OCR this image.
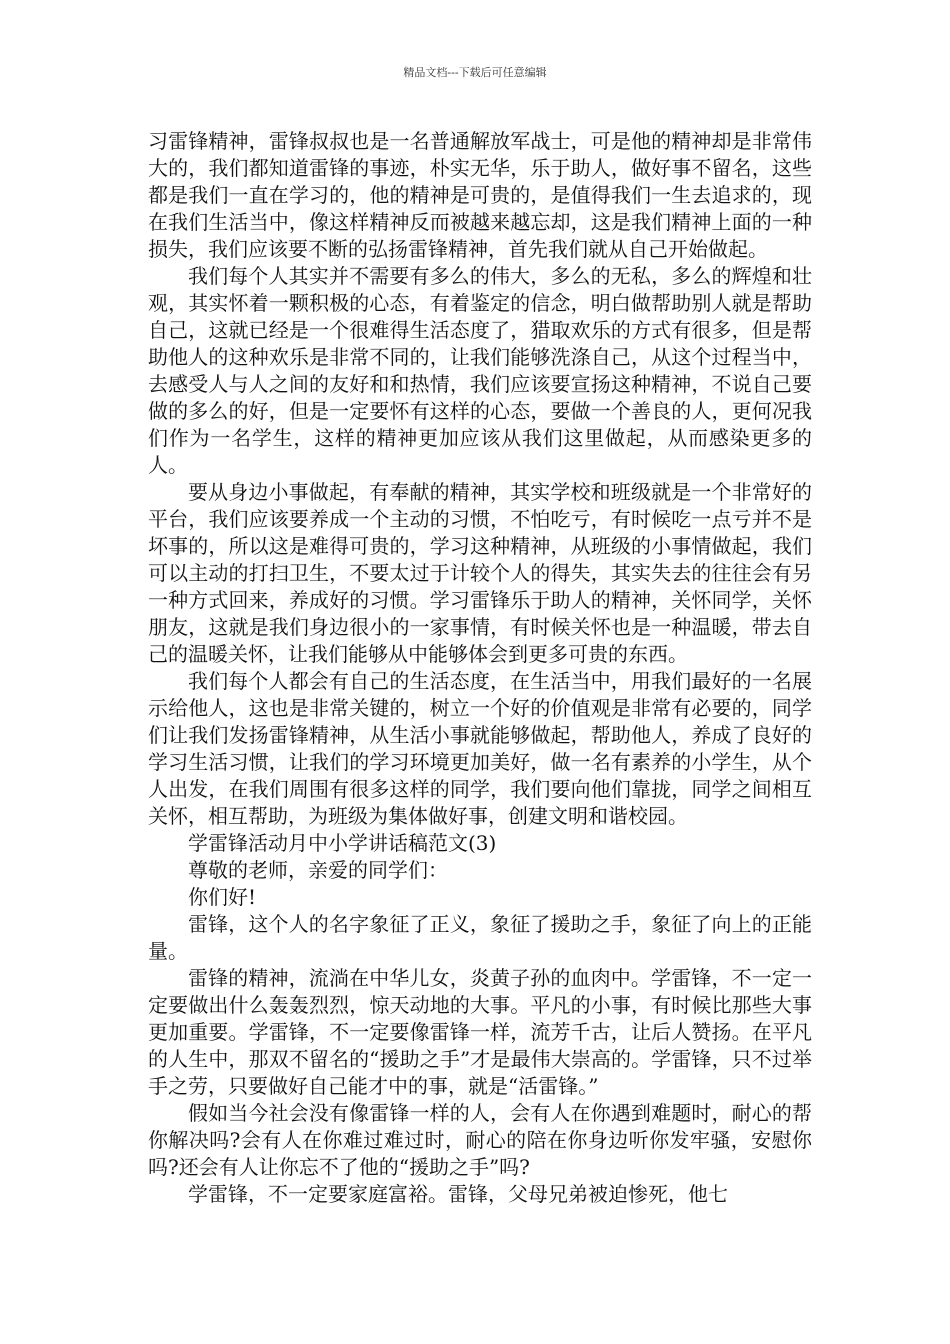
精品文档---下载后可任意编辑

习雷锋精神，雷锋叔叔也是一名普通解放军战士，可是他的精神却是非常伟大的，我们都知道雷锋的事迹，朴实无华，乐于助人，做好事不留名，这些都是我们一直在学习的，他的精神是可贵的，是值得我们一生去追求的，现在我们生活当中，像这样精神反而被越来越忘却，这是我们精神上面的一种损失，我们应该要不断的弘扬雷锋精神，首先我们就从自己开始做起。

我们每个人其实并不需要有多么的伟大，多么的无私，多么的辉煌和壮观，其实怀着一颗积极的心态，有着鉴定的信念，明白做帮助别人就是帮助自己，这就已经是一个很难得生活态度了，猎取欢乐的方式有很多，但是帮助他人的这种欢乐是非常不同的，让我们能够洗涤自己，从这个过程当中，去感受人与人之间的友好和和热情，我们应该要宣扬这种精神，不说自己要做的多么的好，但是一定要怀有这样的心态，要做一个善良的人，更何况我们作为一名学生，这样的精神更加应该从我们这里做起，从而感染更多的人。

要从身边小事做起，有奉献的精神，其实学校和班级就是一个非常好的平台，我们应该要养成一个主动的习惯，不怕吃亏，有时候吃一点亏并不是坏事的，所以这是难得可贵的，学习这种精神，从班级的小事情做起，我们可以主动的打扫卫生，不要太过于计较个人的得失，其实失去的往往会有另一种方式回来，养成好的习惯。学习雷锋乐于助人的精神，关怀同学，关怀朋友，这就是我们身边很小的一家事情，有时候关怀也是一种温暖，带去自己的温暖关怀，让我们能够从中能够体会到更多可贵的东西。

我们每个人都会有自己的生活态度，在生活当中，用我们最好的一名展示给他人，这也是非常关键的，树立一个好的价值观是非常有必要的，同学们让我们发扬雷锋精神，从生活小事就能够做起，帮助他人，养成了良好的学习生活习惯，让我们的学习环境更加美好，做一名有素养的小学生，从个人出发，在我们周围有很多这样的同学，我们要向他们靠拢，同学之间相互关怀，相互帮助，为班级为集体做好事，创建文明和谐校园。

学雷锋活动月中小学讲话稿范文(3)

尊敬的老师，亲爱的同学们：

你们好!

雷锋，这个人的名字象征了正义，象征了援助之手，象征了向上的正能量。

雷锋的精神，流淌在中华儿女，炎黄子孙的血肉中。学雷锋，不一定一定要做出什么轰轰烈烈，惊天动地的大事。平凡的小事，有时候比那些大事更加重要。学雷锋，不一定要像雷锋一样，流芳千古，让后人赞扬。在平凡的人生中，那双不留名的“援助之手”才是最伟大崇高的。学雷锋，只不过举手之劳，只要做好自己能才中的事，就是“活雷锋。”

假如当今社会没有像雷锋一样的人，会有人在你遇到难题时，耐心的帮你解决吗?会有人在你难过难过时，耐心的陪在你身边听你发牢骚，安慰你吗?还会有人让你忘不了他的“援助之手”吗?

学雷锋，不一定要家庭富裕。雷锋，父母兄弟被迫惨死，他七
